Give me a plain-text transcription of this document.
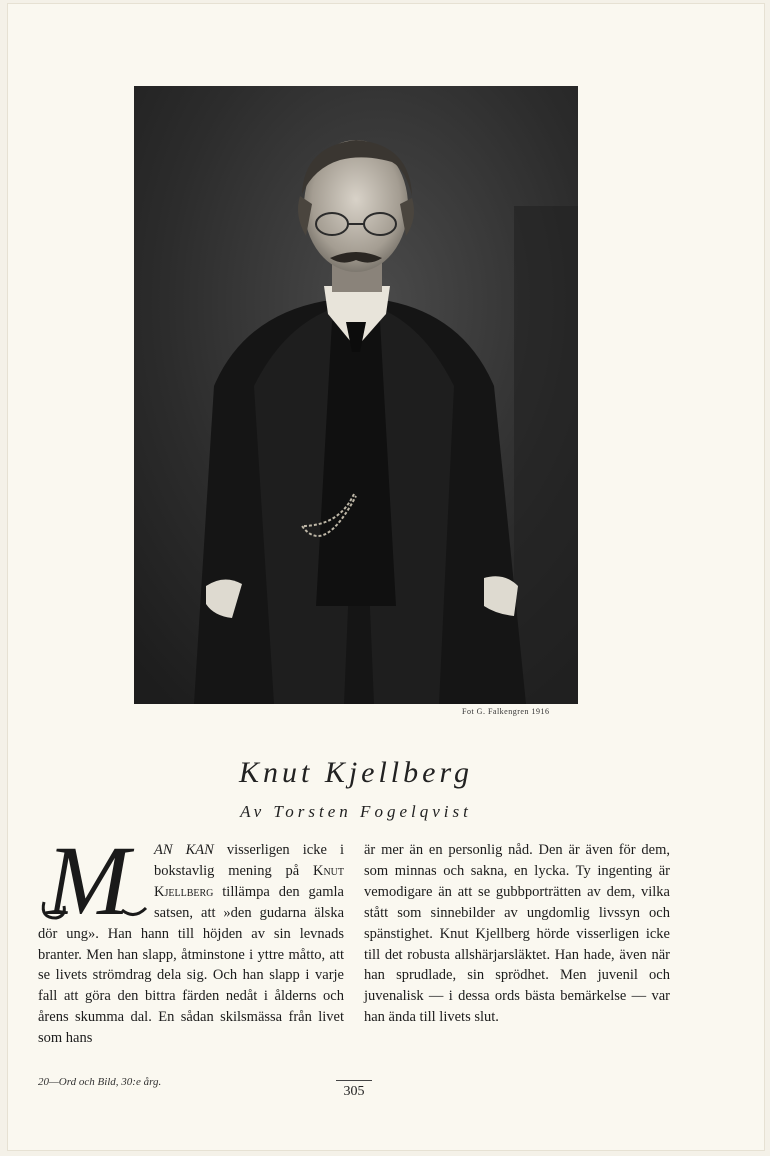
Fot G. Falkengren 1916
Knut Kjellberg
Av Torsten Fogelqvist
M	AN KAN visserligen icke i bokstavlig mening på Knut Kjellberg tillämpa den gamla satsen, att »den gudarna älska dör ung». Han hann till höjden av sin levnads branter. Men han slapp, åtminstone i yttre måtto, att se livets strömdrag dela sig. Och han slapp i varje fall att göra den bittra färden nedåt i ålderns och årens skumma dal. En sådan skilsmässa från livet som hans

är mer än en personlig nåd. Den är även för dem, som minnas och sakna, en lycka. Ty ingenting är vemodigare än att se gubbporträtten av dem, vilka stått som sinnebilder av ungdomlig livssyn och spänstighet. Knut Kjellberg hörde visserligen icke till det robusta allshärjarsläktet. Han hade, även när han sprudlade, sin sprödhet. Men juvenil och juvenalisk — i dessa ords bästa bemärkelse — var han ända till livets slut.

20—Ord och Bild, 30:e årg.
305
